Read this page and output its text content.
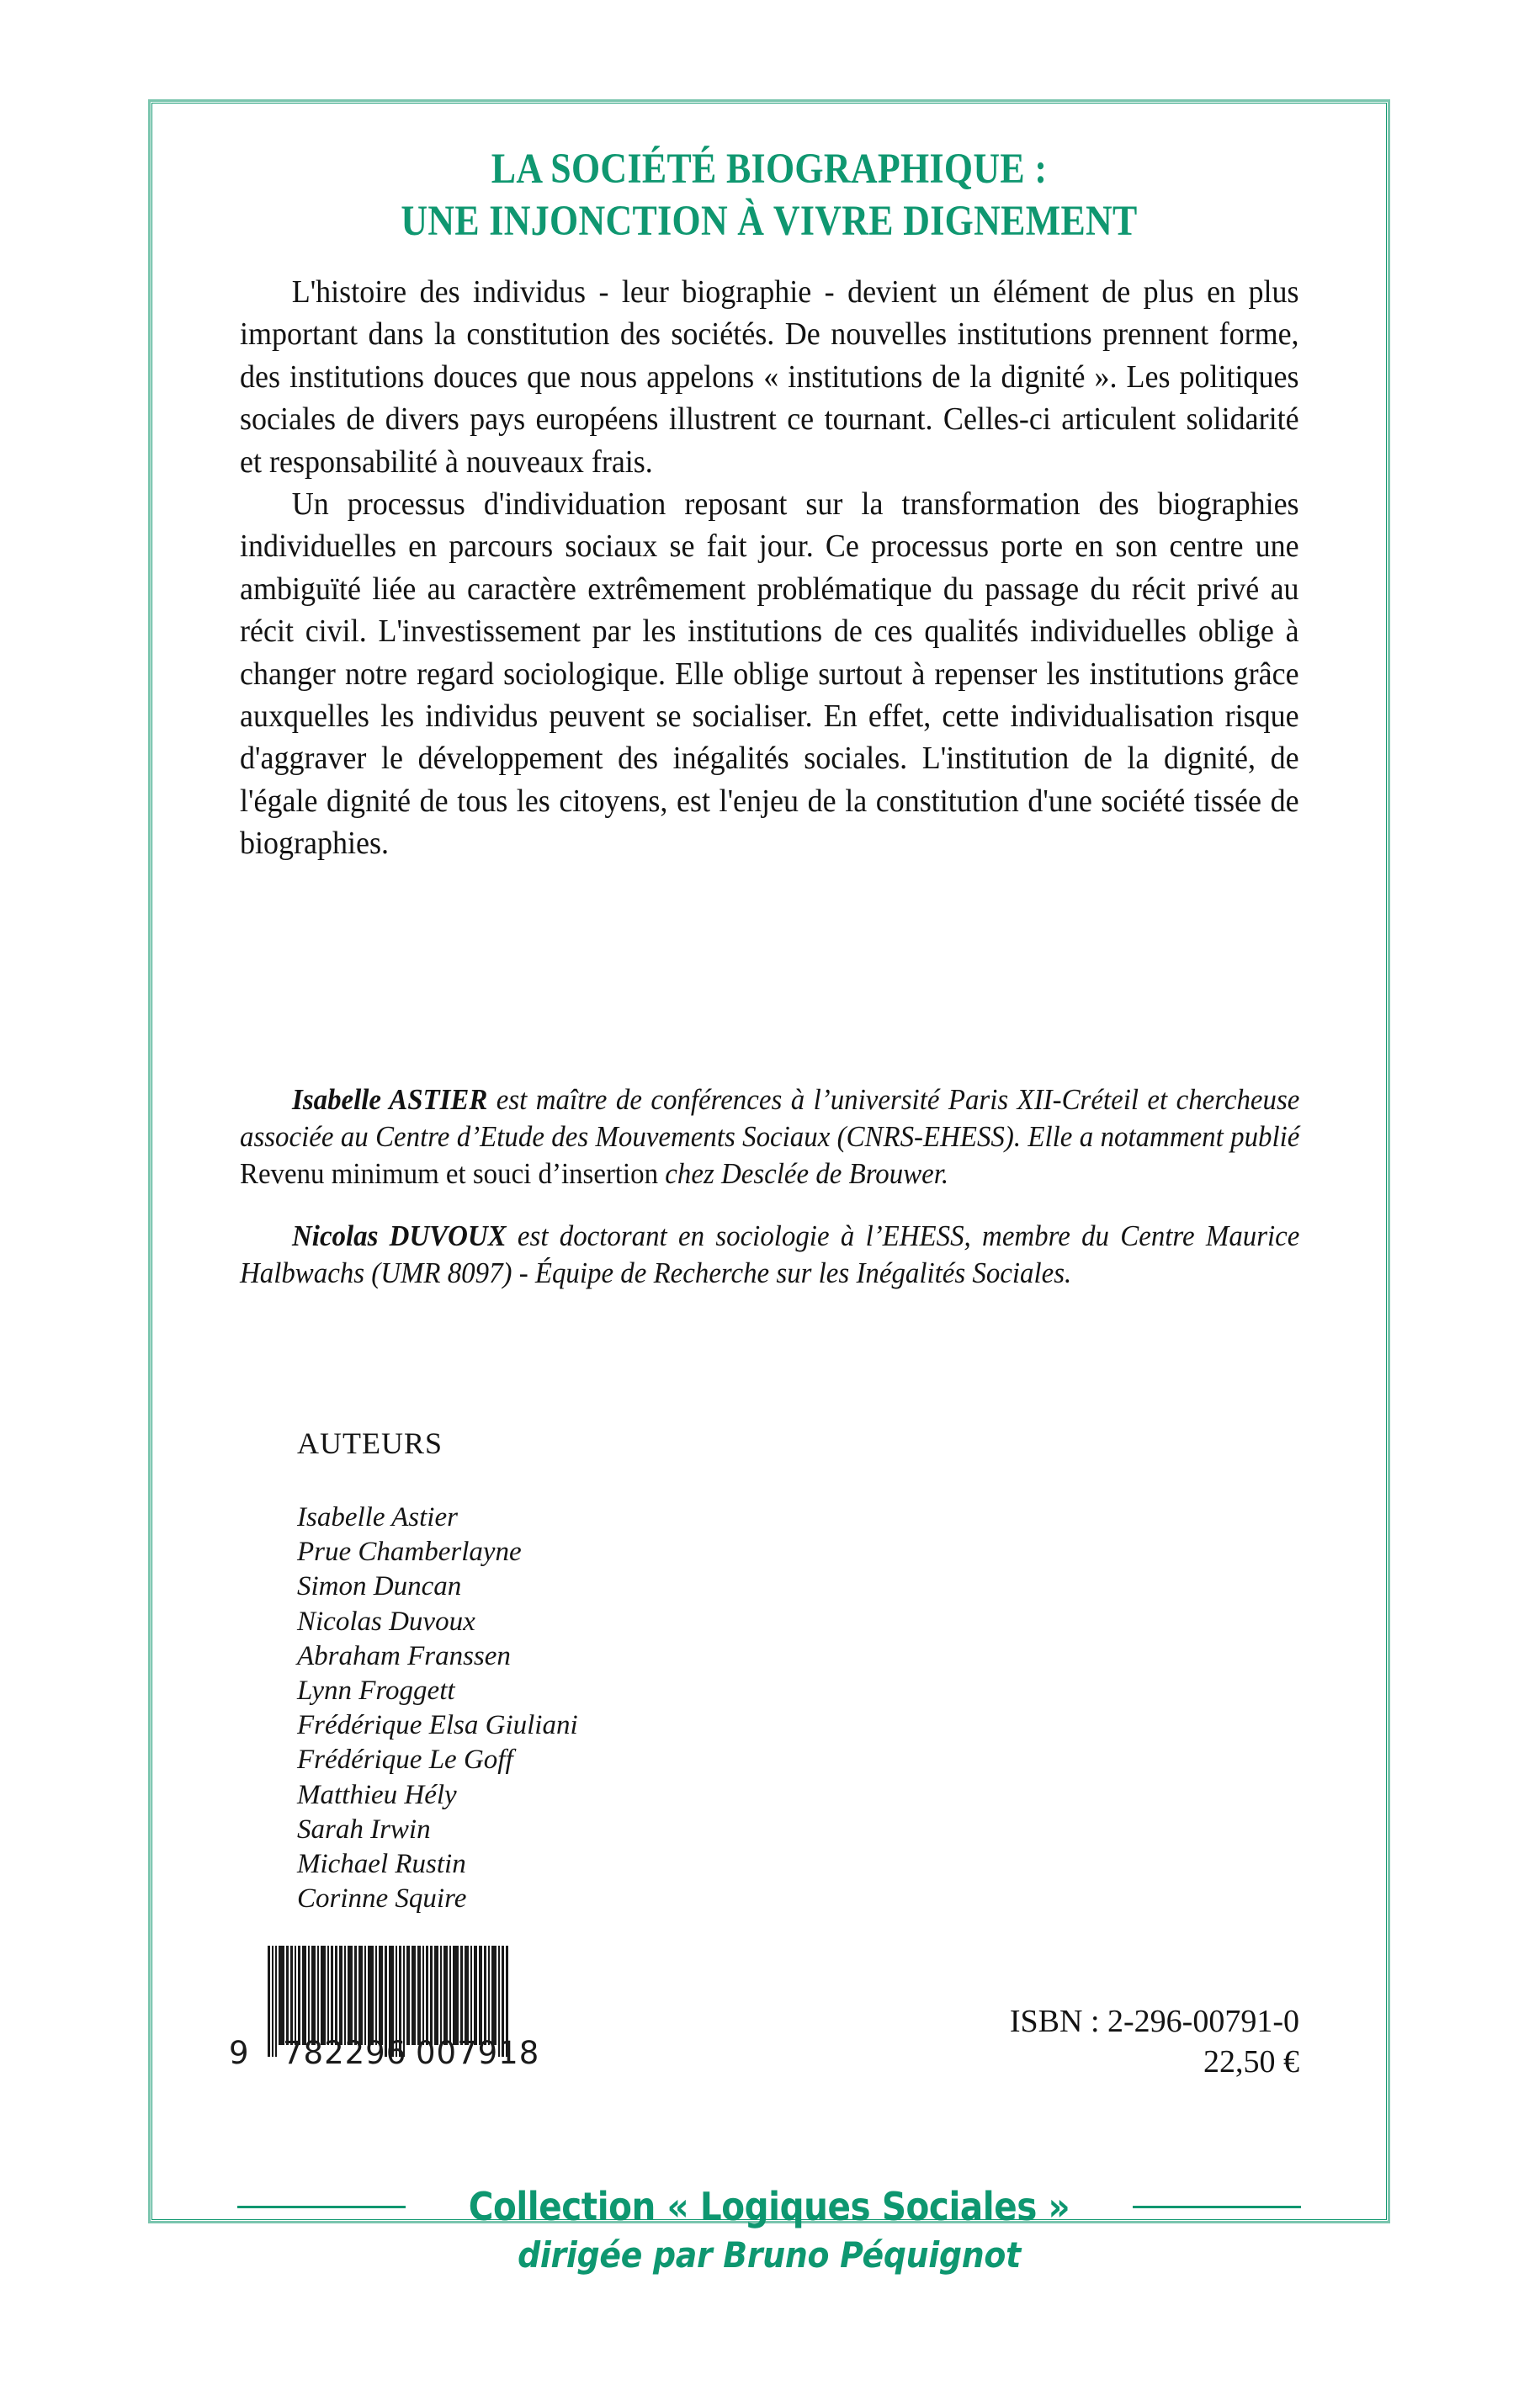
LA SOCIÉTÉ BIOGRAPHIQUE :
UNE INJONCTION À VIVRE DIGNEMENT

L'histoire des individus - leur biographie - devient un élément de plus en plus important dans la constitution des sociétés. De nouvelles institutions prennent forme, des institutions douces que nous appelons « institutions de la dignité ». Les politiques sociales de divers pays européens illustrent ce tournant. Celles-ci articulent solidarité et responsabilité à nouveaux frais.

Un processus d'individuation reposant sur la transformation des biographies individuelles en parcours sociaux se fait jour. Ce processus porte en son centre une ambiguïté liée au caractère extrêmement problématique du passage du récit privé au récit civil. L'investissement par les institutions de ces qualités individuelles oblige à changer notre regard sociologique. Elle oblige surtout à repenser les institutions grâce auxquelles les individus peuvent se socialiser. En effet, cette individualisation risque d'aggraver le développement des inégalités sociales. L'institution de la dignité, de l'égale dignité de tous les citoyens, est l'enjeu de la constitution d'une société tissée de biographies.

Isabelle ASTIER est maître de conférences à l’université Paris XII-Créteil et chercheuse associée au Centre d’Etude des Mouvements Sociaux (CNRS-EHESS). Elle a notamment publié Revenu minimum et souci d’insertion chez Desclée de Brouwer.

Nicolas DUVOUX est doctorant en sociologie à l’EHESS, membre du Centre Maurice Halbwachs (UMR 8097) - Équipe de Recherche sur les Inégalités Sociales.

AUTEURS
Isabelle Astier
Prue Chamberlayne
Simon Duncan
Nicolas Duvoux
Abraham Franssen
Lynn Froggett
Frédérique Elsa Giuliani
Frédérique Le Goff
Matthieu Hély
Sarah Irwin
Michael Rustin
Corinne Squire
9 782296 007918
ISBN : 2-296-00791-0
22,50 €
Collection « Logiques Sociales »
dirigée par Bruno Péquignot
